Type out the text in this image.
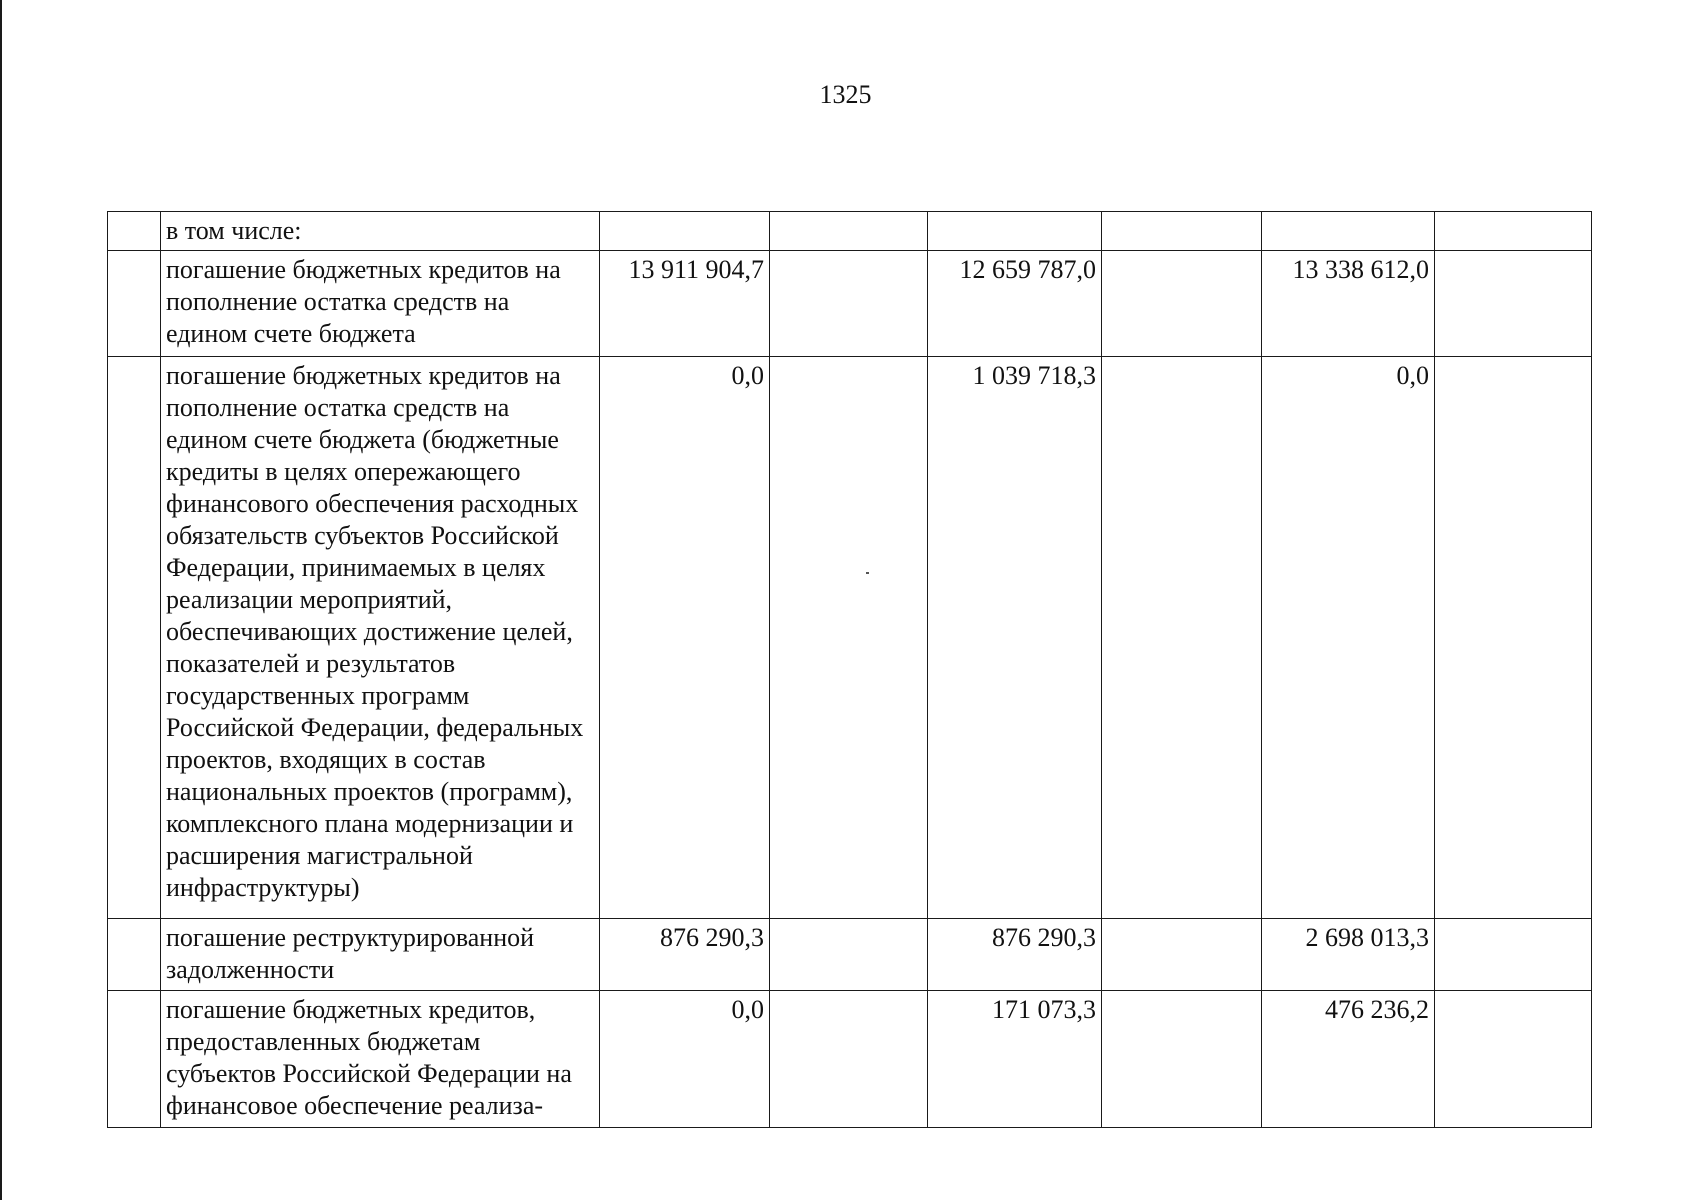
1325
	в том числе:						
	погашение бюджетных кредитов на пополнение остатка средств на едином счете бюджета	13 911 904,7		12 659 787,0		13 338 612,0	
	погашение бюджетных кредитов на пополнение остатка средств на едином счете бюджета (бюджетные кредиты в целях опережающего финансового обеспечения расходных обязательств субъектов Российской Федерации, принимаемых в целях реализации мероприятий, обеспечивающих достижение целей, показателей и результатов государственных программ Российской Федерации, федеральных проектов, входящих в состав национальных проектов (программ), комплексного плана модернизации и расширения магистральной инфраструктуры)	0,0		1 039 718,3		0,0	
	погашение реструктурированной задолженности	876 290,3		876 290,3		2 698 013,3	
	погашение бюджетных кредитов, предоставленных бюджетам субъектов Российской Федерации на финансовое обеспечение реализа-	0,0		171 073,3		476 236,2	
